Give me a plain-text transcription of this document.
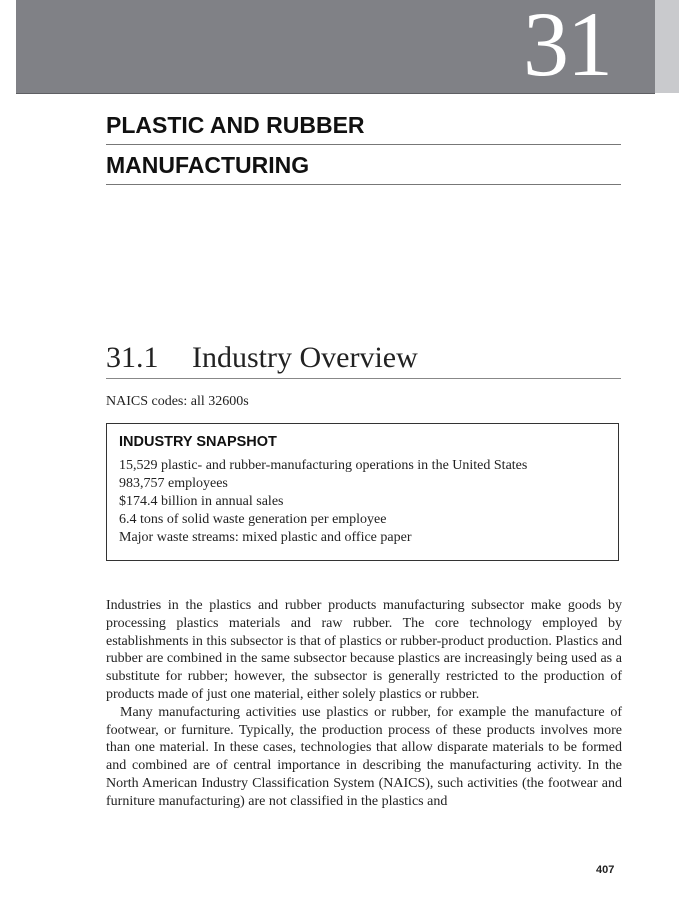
31
PLASTIC AND RUBBER
MANUFACTURING
31.1 Industry Overview
NAICS codes: all 32600s
INDUSTRY SNAPSHOT
15,529 plastic- and rubber-manufacturing operations in the United States
983,757 employees
$174.4 billion in annual sales
6.4 tons of solid waste generation per employee
Major waste streams: mixed plastic and office paper

Industries in the plastics and rubber products manufacturing subsector make goods by processing plastics materials and raw rubber. The core technology employed by establishments in this subsector is that of plastics or rubber-product production. Plastics and rubber are combined in the same subsector because plastics are increasingly being used as a substitute for rubber; however, the subsector is generally restricted to the production of products made of just one material, either solely plastics or rubber.

Many manufacturing activities use plastics or rubber, for example the manufacture of footwear, or furniture. Typically, the production process of these products involves more than one material. In these cases, technologies that allow disparate materials to be formed and combined are of central importance in describing the manufacturing activity. In the North American Industry Classification System (NAICS), such activities (the footwear and furniture manufacturing) are not classified in the plastics and

407
